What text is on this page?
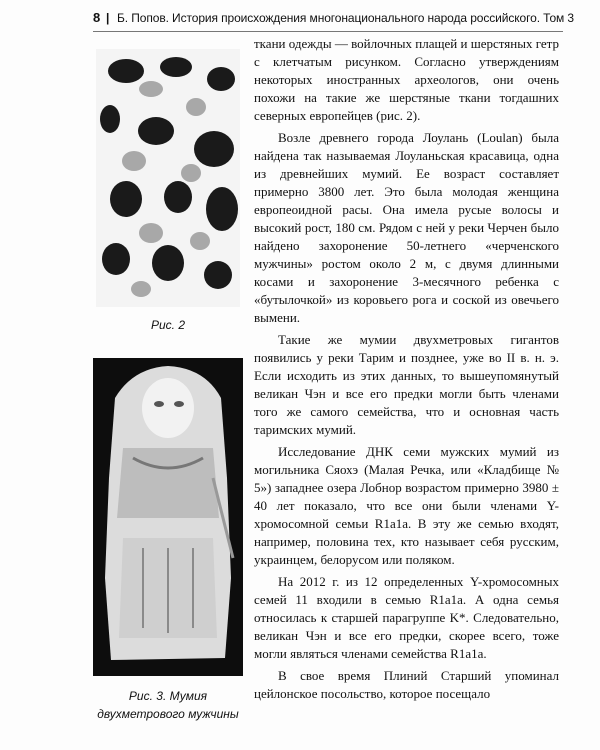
8 | Б. Попов. История происхождения многонационального народа российского. Том 3
Рис. 2
Рис. 3. Мумия
двухметрового мужчины

ткани одежды — войлочных плащей и шерстяных гетр с клетчатым рисунком. Согласно утверждениям некоторых иностранных археологов, они очень похожи на такие же шерстяные ткани тогдашних северных европейцев (рис. 2).

Возле древнего города Лоулань (Loulan) была найдена так называемая Лоуланьская красавица, одна из древнейших мумий. Ее возраст составляет примерно 3800 лет. Это была молодая женщина европеоидной расы. Она имела русые волосы и высокий рост, 180 см. Рядом с ней у реки Черчен было найдено захоронение 50-летнего «черченского мужчины» ростом около 2 м, с двумя длинными косами и захоронение 3-месячного ребенка с «бутылочкой» из коровьего рога и соской из овечьего вымени.

Такие же мумии двухметровых гигантов появились у реки Тарим и позднее, уже во II в. н. э. Если исходить из этих данных, то вышеупомянутый великан Чэн и все его предки могли быть членами того же самого семейства, что и основная часть таримских мумий.

Исследование ДНК семи мужских мумий из могильника Сяохэ (Малая Речка, или «Кладбище № 5») западнее озера Лобнор возрастом примерно 3980 ± 40 лет показало, что все они были членами Y-хромосомной семьи R1a1a. В эту же семью входят, например, половина тех, кто называет себя русским, украинцем, белорусом или поляком.

На 2012 г. из 12 определенных Y-хромосомных семей 11 входили в семью R1a1a. А одна семья относилась к старшей парагруппе K*. Следовательно, великан Чэн и все его предки, скорее всего, тоже могли являться членами семейства R1a1a.

В свое время Плиний Старший упоминал цейлонское посольство, которое посещало
